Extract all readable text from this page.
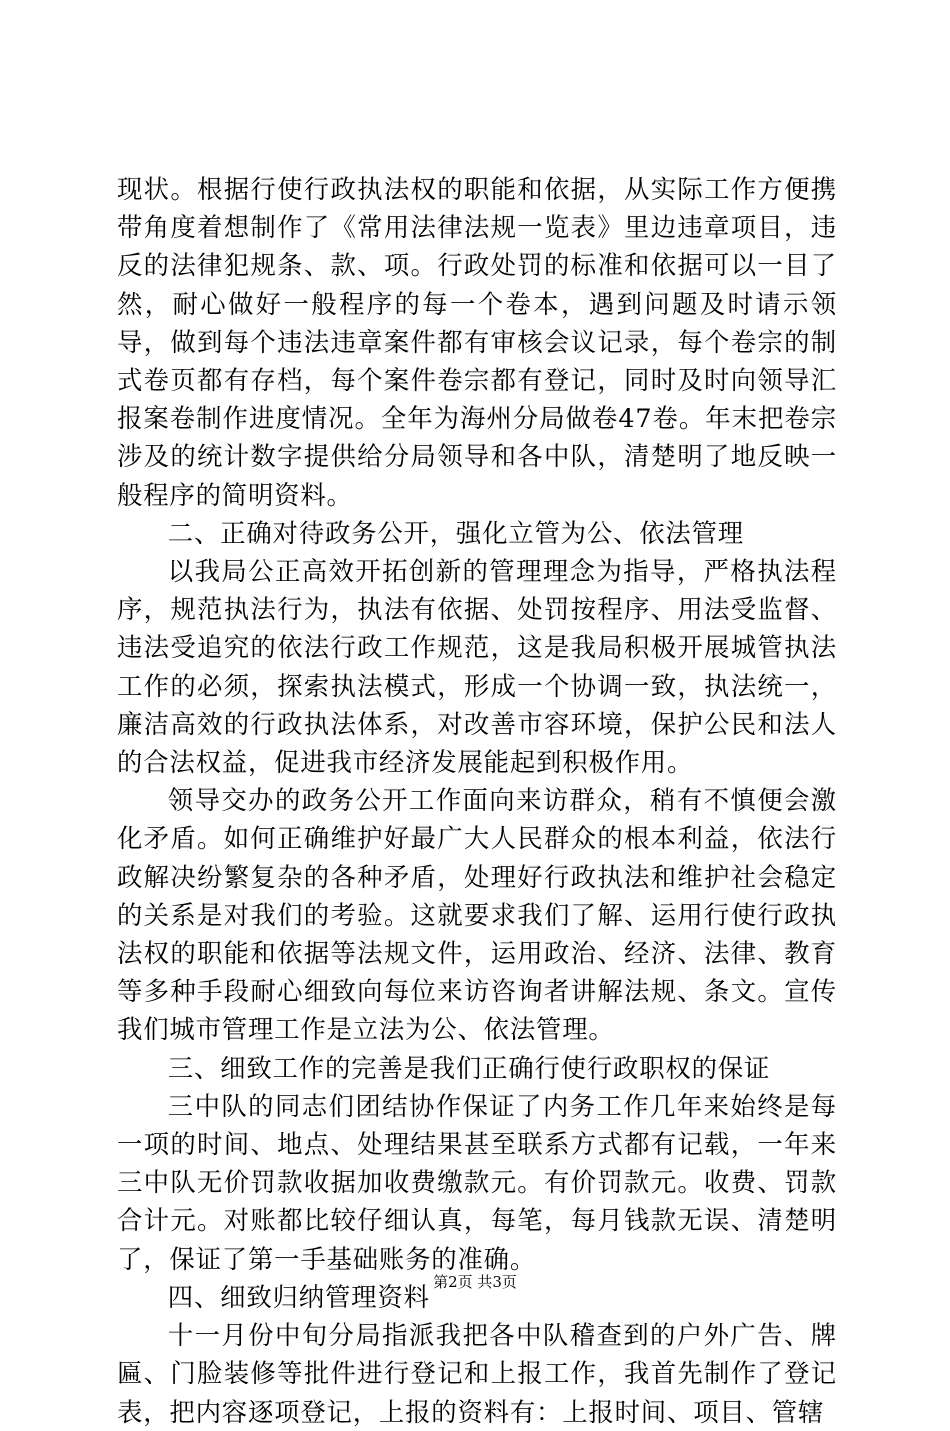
现状。根据行使行政执法权的职能和依据，从实际工作方便携带角度着想制作了《常用法律法规一览表》里边违章项目，违反的法律犯规条、款、项。行政处罚的标准和依据可以一目了然，耐心做好一般程序的每一个卷本，遇到问题及时请示领导，做到每个违法违章案件都有审核会议记录，每个卷宗的制式卷页都有存档，每个案件卷宗都有登记，同时及时向领导汇报案卷制作进度情况。全年为海州分局做卷47卷。年末把卷宗涉及的统计数字提供给分局领导和各中队，清楚明了地反映一般程序的简明资料。

二、正确对待政务公开，强化立管为公、依法管理

以我局公正高效开拓创新的管理理念为指导，严格执法程序，规范执法行为，执法有依据、处罚按程序、用法受监督、违法受追究的依法行政工作规范，这是我局积极开展城管执法工作的必须，探索执法模式，形成一个协调一致，执法统一，廉洁高效的行政执法体系，对改善市容环境，保护公民和法人的合法权益，促进我市经济发展能起到积极作用。

领导交办的政务公开工作面向来访群众，稍有不慎便会激化矛盾。如何正确维护好最广大人民群众的根本利益，依法行政解决纷繁复杂的各种矛盾，处理好行政执法和维护社会稳定的关系是对我们的考验。这就要求我们了解、运用行使行政执法权的职能和依据等法规文件，运用政治、经济、法律、教育等多种手段耐心细致向每位来访咨询者讲解法规、条文。宣传我们城市管理工作是立法为公、依法管理。

三、细致工作的完善是我们正确行使行政职权的保证

三中队的同志们团结协作保证了内务工作几年来始终是每一项的时间、地点、处理结果甚至联系方式都有记载，一年来三中队无价罚款收据加收费缴款元。有价罚款元。收费、罚款合计元。对账都比较仔细认真，每笔，每月钱款无误、清楚明了，保证了第一手基础账务的准确。

四、细致归纳管理资料

十一月份中旬分局指派我把各中队稽查到的户外广告、牌匾、门脸装修等批件进行登记和上报工作，我首先制作了登记表，把内容逐项登记，上报的资料有：上报时间、项目、管辖

第2页 共3页
